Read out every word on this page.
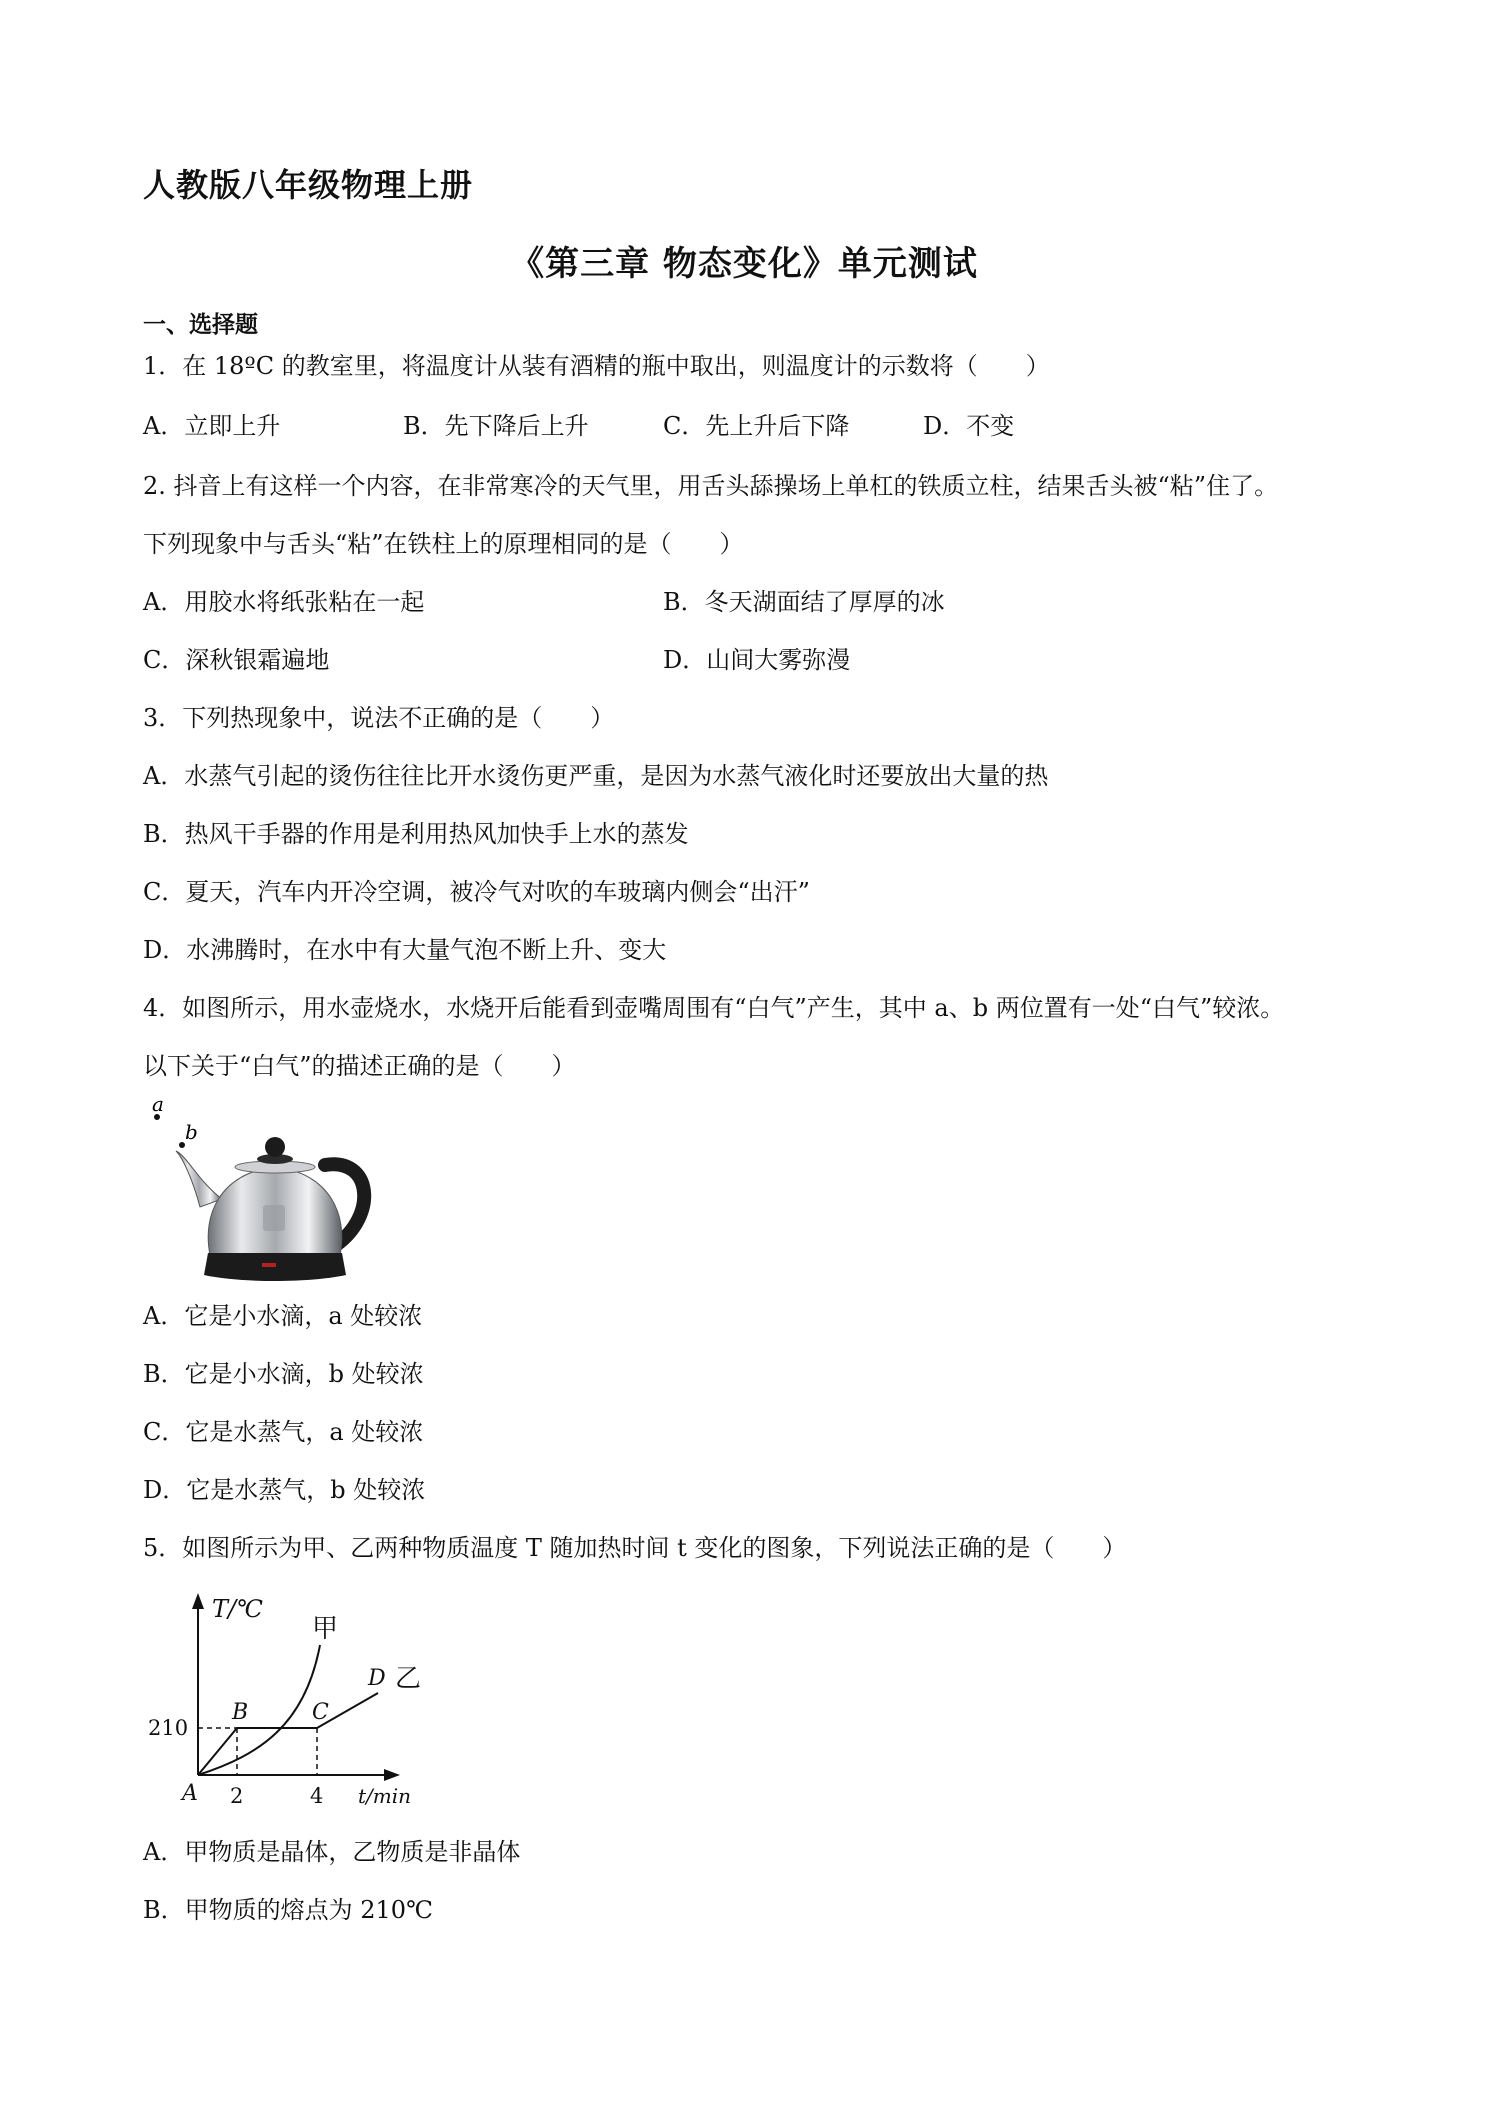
人教版八年级物理上册
《第三章 物态变化》单元测试
一、选择题
1．在 18ºC 的教室里，将温度计从装有酒精的瓶中取出，则温度计的示数将（　　）
A．立即上升	B．先下降后上升	C．先上升后下降	D．不变
2. 抖音上有这样一个内容，在非常寒冷的天气里，用舌头舔操场上单杠的铁质立柱，结果舌头被“粘”住了。
下列现象中与舌头“粘”在铁柱上的原理相同的是（　　）
A．用胶水将纸张粘在一起	B．冬天湖面结了厚厚的冰
C．深秋银霜遍地	D．山间大雾弥漫
3．下列热现象中，说法不正确的是（　　）
A．水蒸气引起的烫伤往往比开水烫伤更严重，是因为水蒸气液化时还要放出大量的热
B．热风干手器的作用是利用热风加快手上水的蒸发
C．夏天，汽车内开冷空调，被冷气对吹的车玻璃内侧会“出汗”
D．水沸腾时，在水中有大量气泡不断上升、变大
4．如图所示，用水壶烧水，水烧开后能看到壶嘴周围有“白气”产生，其中 a、b 两位置有一处“白气”较浓。
以下关于“白气”的描述正确的是（　　）
a
b
A．它是小水滴，a 处较浓
B．它是小水滴，b 处较浓
C．它是水蒸气，a 处较浓
D．它是水蒸气，b 处较浓
5．如图所示为甲、乙两种物质温度 T 随加热时间 t 变化的图象，下列说法正确的是（　　）
T/℃
t/min
210
2	4
A
B	C
D
甲
乙
A．甲物质是晶体，乙物质是非晶体
B．甲物质的熔点为 210℃
